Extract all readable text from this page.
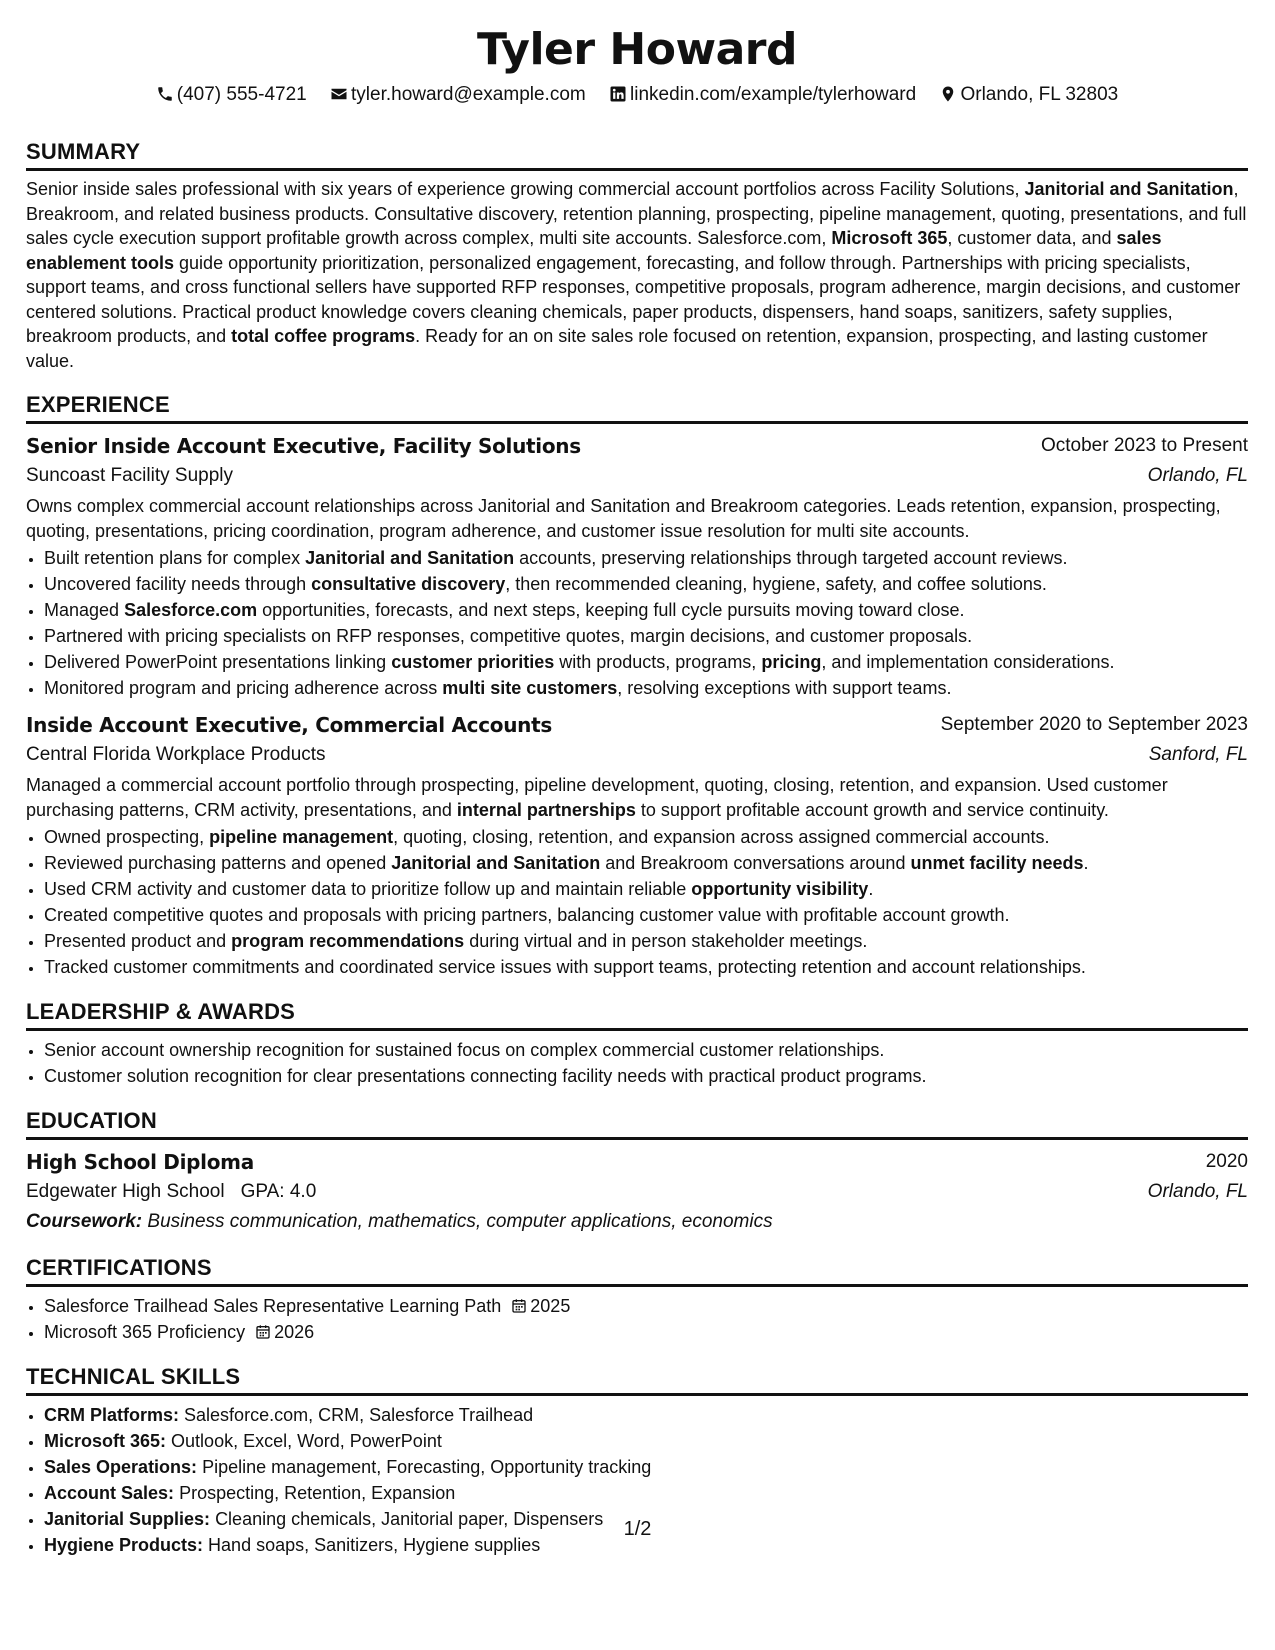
Tyler Howard
(407) 555-4721 tyler.howard@example.com linkedin.com/example/tylerhoward Orlando, FL 32803
SUMMARY
Senior inside sales professional with six years of experience growing commercial account portfolios across Facility Solutions, Janitorial and Sanitation, Breakroom, and related business products. Consultative discovery, retention planning, prospecting, pipeline management, quoting, presentations, and full sales cycle execution support profitable growth across complex, multi site accounts. Salesforce.com, Microsoft 365, customer data, and sales enablement tools guide opportunity prioritization, personalized engagement, forecasting, and follow through. Partnerships with pricing specialists, support teams, and cross functional sellers have supported RFP responses, competitive proposals, program adherence, margin decisions, and customer centered solutions. Practical product knowledge covers cleaning chemicals, paper products, dispensers, hand soaps, sanitizers, safety supplies, breakroom products, and total coffee programs. Ready for an on site sales role focused on retention, expansion, prospecting, and lasting customer value.
EXPERIENCE
Senior Inside Account Executive, Facility Solutions	October 2023 to Present
Suncoast Facility Supply	Orlando, FL
Owns complex commercial account relationships across Janitorial and Sanitation and Breakroom categories. Leads retention, expansion, prospecting, quoting, presentations, pricing coordination, program adherence, and customer issue resolution for multi site accounts.
• Built retention plans for complex Janitorial and Sanitation accounts, preserving relationships through targeted account reviews.
• Uncovered facility needs through consultative discovery, then recommended cleaning, hygiene, safety, and coffee solutions.
• Managed Salesforce.com opportunities, forecasts, and next steps, keeping full cycle pursuits moving toward close.
• Partnered with pricing specialists on RFP responses, competitive quotes, margin decisions, and customer proposals.
• Delivered PowerPoint presentations linking customer priorities with products, programs, pricing, and implementation considerations.
• Monitored program and pricing adherence across multi site customers, resolving exceptions with support teams.
Inside Account Executive, Commercial Accounts	September 2020 to September 2023
Central Florida Workplace Products	Sanford, FL
Managed a commercial account portfolio through prospecting, pipeline development, quoting, closing, retention, and expansion. Used customer purchasing patterns, CRM activity, presentations, and internal partnerships to support profitable account growth and service continuity.
• Owned prospecting, pipeline management, quoting, closing, retention, and expansion across assigned commercial accounts.
• Reviewed purchasing patterns and opened Janitorial and Sanitation and Breakroom conversations around unmet facility needs.
• Used CRM activity and customer data to prioritize follow up and maintain reliable opportunity visibility.
• Created competitive quotes and proposals with pricing partners, balancing customer value with profitable account growth.
• Presented product and program recommendations during virtual and in person stakeholder meetings.
• Tracked customer commitments and coordinated service issues with support teams, protecting retention and account relationships.
LEADERSHIP & AWARDS
• Senior account ownership recognition for sustained focus on complex commercial customer relationships.
• Customer solution recognition for clear presentations connecting facility needs with practical product programs.
EDUCATION
High School Diploma	2020
Edgewater High School GPA: 4.0	Orlando, FL
Coursework: Business communication, mathematics, computer applications, economics
CERTIFICATIONS
• Salesforce Trailhead Sales Representative Learning Path 2025
• Microsoft 365 Proficiency 2026
TECHNICAL SKILLS
• CRM Platforms: Salesforce.com, CRM, Salesforce Trailhead
• Microsoft 365: Outlook, Excel, Word, PowerPoint
• Sales Operations: Pipeline management, Forecasting, Opportunity tracking
• Account Sales: Prospecting, Retention, Expansion
• Janitorial Supplies: Cleaning chemicals, Janitorial paper, Dispensers
• Hygiene Products: Hand soaps, Sanitizers, Hygiene supplies
1/2
